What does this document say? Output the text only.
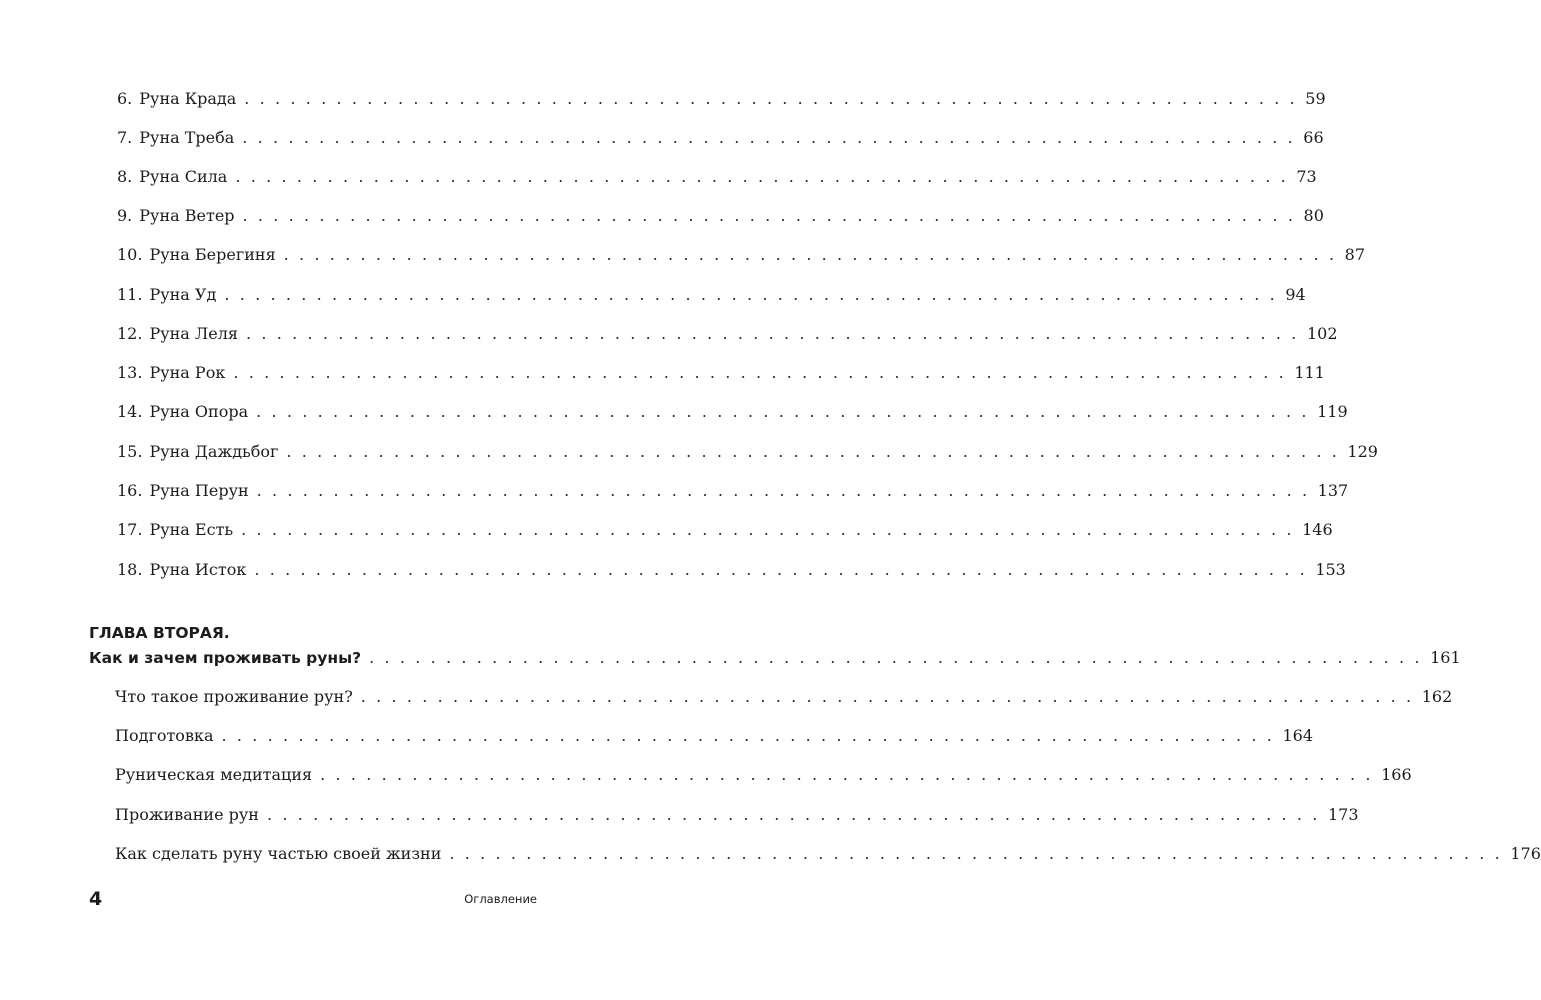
6. Руна Крада . . . . . . . . . . . . . . . . . . . . . . . . . . . . . . . . . . . . . . . . . . . . . . . . . . . . . . . . . . . . . . . . . . . . . 59
7. Руна Треба . . . . . . . . . . . . . . . . . . . . . . . . . . . . . . . . . . . . . . . . . . . . . . . . . . . . . . . . . . . . . . . . . . . . . 66
8. Руна Сила . . . . . . . . . . . . . . . . . . . . . . . . . . . . . . . . . . . . . . . . . . . . . . . . . . . . . . . . . . . . . . . . . . . . . 73
9. Руна Ветер . . . . . . . . . . . . . . . . . . . . . . . . . . . . . . . . . . . . . . . . . . . . . . . . . . . . . . . . . . . . . . . . . . . . . 80
10. Руна Берегиня . . . . . . . . . . . . . . . . . . . . . . . . . . . . . . . . . . . . . . . . . . . . . . . . . . . . . . . . . . . . . . . . . . . . . 87
11. Руна Уд . . . . . . . . . . . . . . . . . . . . . . . . . . . . . . . . . . . . . . . . . . . . . . . . . . . . . . . . . . . . . . . . . . . . . 94
12. Руна Леля . . . . . . . . . . . . . . . . . . . . . . . . . . . . . . . . . . . . . . . . . . . . . . . . . . . . . . . . . . . . . . . . . . . . . 102
13. Руна Рок . . . . . . . . . . . . . . . . . . . . . . . . . . . . . . . . . . . . . . . . . . . . . . . . . . . . . . . . . . . . . . . . . . . . . 111
14. Руна Опора . . . . . . . . . . . . . . . . . . . . . . . . . . . . . . . . . . . . . . . . . . . . . . . . . . . . . . . . . . . . . . . . . . . . . 119
15. Руна Даждьбог . . . . . . . . . . . . . . . . . . . . . . . . . . . . . . . . . . . . . . . . . . . . . . . . . . . . . . . . . . . . . . . . . . . . . 129
16. Руна Перун . . . . . . . . . . . . . . . . . . . . . . . . . . . . . . . . . . . . . . . . . . . . . . . . . . . . . . . . . . . . . . . . . . . . . 137
17. Руна Есть . . . . . . . . . . . . . . . . . . . . . . . . . . . . . . . . . . . . . . . . . . . . . . . . . . . . . . . . . . . . . . . . . . . . . 146
18. Руна Исток . . . . . . . . . . . . . . . . . . . . . . . . . . . . . . . . . . . . . . . . . . . . . . . . . . . . . . . . . . . . . . . . . . . . . 153
ГЛАВА ВТОРАЯ.
Как и зачем проживать руны? . . . . . . . . . . . . . . . . . . . . . . . . . . . . . . . . . . . . . . . . . . . . . . . . . . . . . . . . . . . . . . . . . . . . . 161
Что такое проживание рун? . . . . . . . . . . . . . . . . . . . . . . . . . . . . . . . . . . . . . . . . . . . . . . . . . . . . . . . . . . . . . . . . . . . . . 162
Подготовка . . . . . . . . . . . . . . . . . . . . . . . . . . . . . . . . . . . . . . . . . . . . . . . . . . . . . . . . . . . . . . . . . . . . . 164
Руническая медитация . . . . . . . . . . . . . . . . . . . . . . . . . . . . . . . . . . . . . . . . . . . . . . . . . . . . . . . . . . . . . . . . . . . . . 166
Проживание рун . . . . . . . . . . . . . . . . . . . . . . . . . . . . . . . . . . . . . . . . . . . . . . . . . . . . . . . . . . . . . . . . . . . . . 173
Как сделать руну частью своей жизни . . . . . . . . . . . . . . . . . . . . . . . . . . . . . . . . . . . . . . . . . . . . . . . . . . . . . . . . . . . . . . . . . . . . . 176
4	Оглавление
